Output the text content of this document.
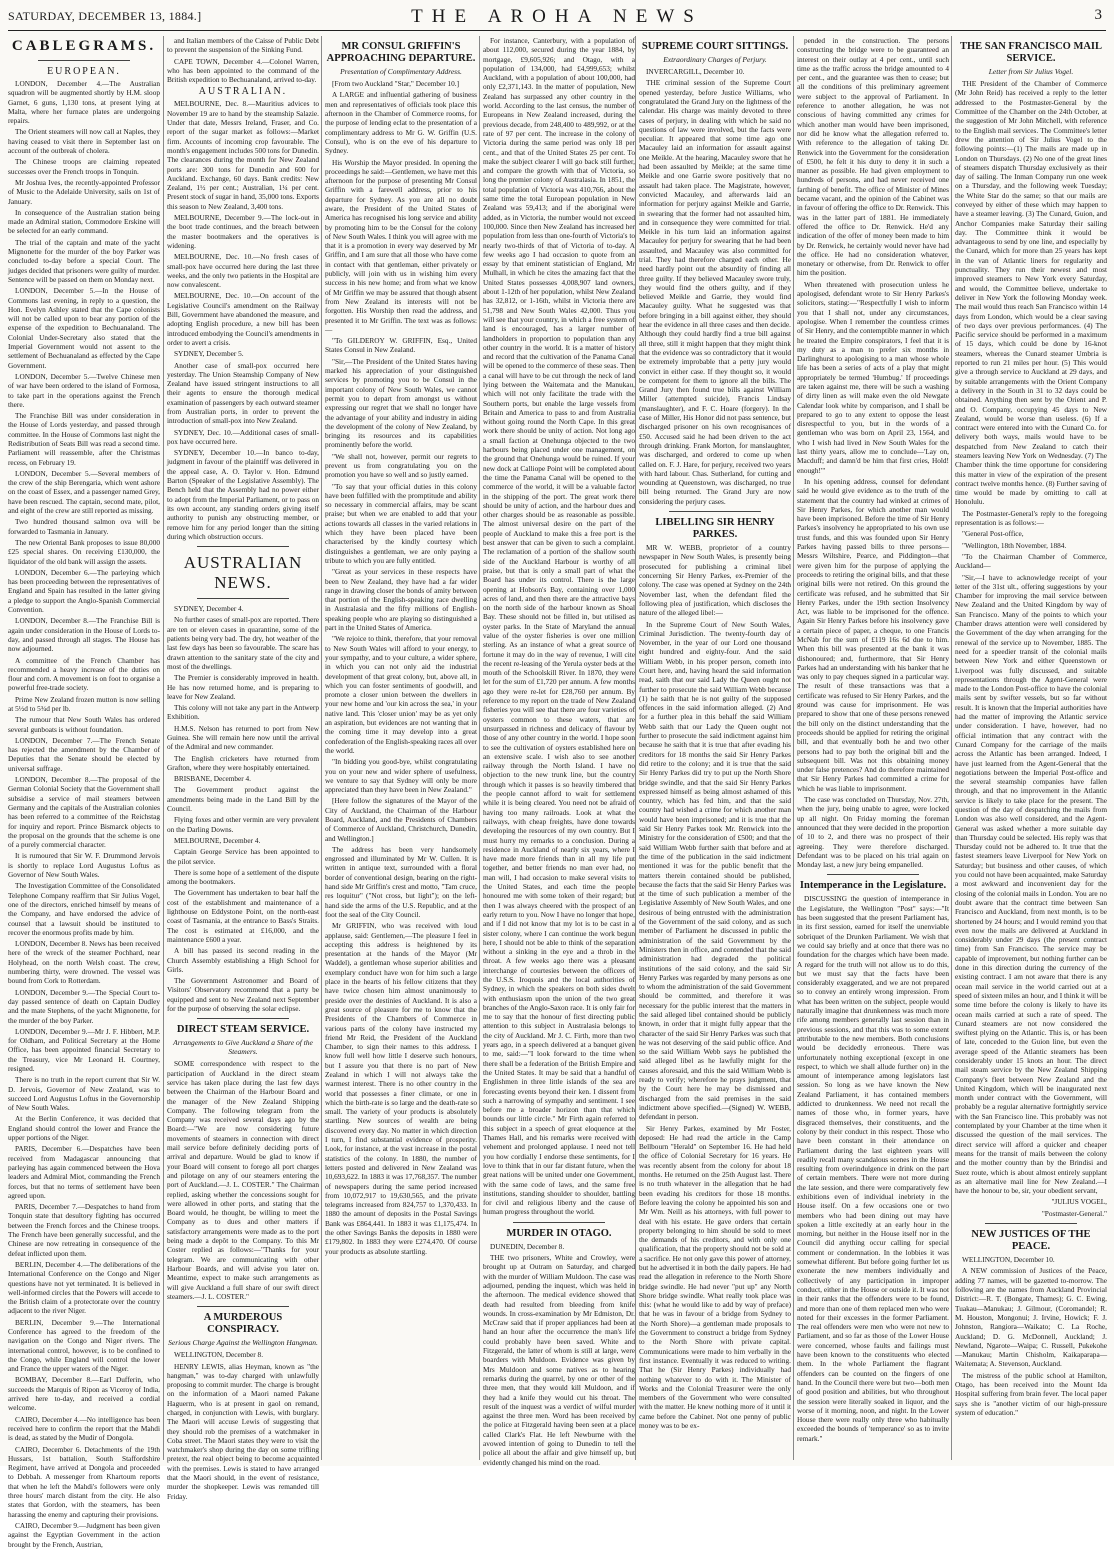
SATURDAY, DECEMBER 13, 1884.]	THE AROHA NEWS	3
CABLEGRAMS.
EUROPEAN.

LONDON, December 4.—The Australian squadron will be augmented shortly by H.M. sloop Garnet, 6 guns, 1,130 tons, at present lying at Malta, where her furnace plates are undergoing repairs.

The Orient steamers will now call at Naples, they having ceased to visit there in September last on account of the outbreak of cholera.

The Chinese troops are claiming repeated successes over the French troops in Tonquin.

Mr Joshua Ives, the recently-appointed Professor of Music to the Adelaide University, sails on 1st of January.

In consequence of the Australian station being made an Admiral station, Commodore Erskine will be selected for an early command.

The trial of the captain and mate of the yacht Mignonette for the murder of the boy Parker was concluded to-day before a special Court. The judges decided that prisoners were guilty of murder. Sentence will be passed on them on Monday next.

LONDON, December 5.—In the House of Commons last evening, in reply to a question, the Hon. Evelyn Ashley stated that the Cape colonists will not be called upon to bear any portion of the expense of the expedition to Bechuanaland. The Colonial Under-Secretary also stated that the Imperial Government would not assent to the settlement of Bechuanaland as effected by the Cape Government.

LONDON, December 5.—Twelve Chinese men of war have been ordered to the island of Formosa, to take part in the operations against the French there.

The Franchise Bill was under consideration in the House of Lords yesterday, and passed through committee. In the House of Commons last night the Redistribution of Seats Bill was read a second time. Parliament will reassemble, after the Christmas recess, on February 19.

LONDON, December 5.—Several members of the crew of the ship Berengaria, which went ashore on the coast of Essex, and a passenger named Grey, have been rescued. The captain, second mate, pilot, and eight of the crew are still reported as missing.

Two hundred thousand salmon ova will be forwarded to Tasmania in January.

The new Oriental Bank proposes to issue 80,000 £25 special shares. On receiving £130,000, the liquidator of the old bank will assign the assets.

LONDON, December 6.—The parleying which has been proceeding between the representatives of England and Spain has resulted in the latter giving a pledge to support the Anglo-Spanish Commercial Convention.

LONDON, December 8.—The Franchise Bill is again under consideration in the House of Lords to-day, and passed through all stages. The House has now adjourned.

A committee of the French Chamber has recommended a heavy increase of the duties on flour and corn. A movement is on foot to organise a powerful free-trade society.

Prime New Zealand frozen mutton is now selling at 5½d to 5¾d per lb.

The rumour that New South Wales has ordered several gunboats is without foundation.

LONDON, December 7.—The French Senate has rejected the amendment by the Chamber of Deputies that the Senate should be elected by universal suffrage.

LONDON, December 8.—The proposal of the German Colonial Society that the Government shall subsidise a service of mail steamers between Germany and the capitals of the Australian colonies has been referred to a committee of the Reichstag for inquiry and report. Prince Bismarck objects to the proposal on the grounds that the scheme is one of a purely commercial character.

It is rumoured that Sir W. F. Drummond Jervois is shortly to replace Lord Augustus Loftus as Governor of New South Wales.

The Investigation Committee of the Consolidated Telephone Company reaffirm that Sir Julius Vogel, one of the directors, enriched himself by means of the Company, and have endorsed the advice of counsel that a lawsuit should be instituted to recover the enormous profits made by him.

LONDON, December 8. News has been received here of the wreck of the steamer Pochhard, near Holyhead, on the north Welsh coast. The crew, numbering thirty, were drowned. The vessel was bound from Cork to Rotterdam.

LONDON, December 9.—The Special Court to-day passed sentence of death on Captain Dudley and the mate Stephens, of the yacht Mignonette, for the murder of the boy Parker.

LONDON, December 9.—Mr J. F. Hibbert, M.P. for Oldham, and Political Secretary at the Home Office, has been appointed financial Secretary to the Treasury, vice Mr Leonard H. Courtney, resigned.

There is no truth in the report current that Sir W. D. Jervois, Governor of New Zealand, was to succeed Lord Augustus Loftus in the Governorship of New South Wales.

At the Berlin Conference, it was decided that England should control the lower and France the upper portions of the Niger.

PARIS, December 6.—Despatches have been received from Madagascar announcing that parleying has again commenced between the Hova leaders and Admiral Miot, commanding the French forces, but that no terms of settlement have been agreed upon.

PARIS, December 7.—Despatches to hand from Tonquin state that desultory fighting has occurred between the French forces and the Chinese troops. The French have been generally successful, and the Chinese are now retreating in consequence of the defeat inflicted upon them.

BERLIN, December 4.—The deliberations of the International Conference on the Congo and Niger questions have not yet terminated. It is believed in well-informed circles that the Powers will accede to the British claim of a protectorate over the country adjacent to the river Niger.

BERLIN, December 9.—The International Conference has agreed to the freedom of the navigation on the Congo and Niger rivers. The international control, however, is to be confined to the Congo, while England will control the lower and France the upper waters of the Niger.

BOMBAY, December 8.—Earl Dufferin, who succeeds the Marquis of Ripon as Viceroy of India, arrived here to-day, and received a cordial welcome.

CAIRO, December 4.—No intelligence has been received here to confirm the report that the Mahdi is dead, as stated by the Mudir of Dongola.

CAIRO, December 6. Detachments of the 19th Hussars, 1st battalion, South Staffordshire Regiment, have arrived at Dongola and proceeded to Debbah. A messenger from Khartoum reports that when he left the Mahdi's followers were only three hours' march distant from the city. He also states that Gordon, with the steamers, has been harassing the enemy and capturing their provisions.

CAIRO, December 9.—Judgment has been given against the Egyptian Government in the action brought by the French, Austrian,

and Italian members of the Caisse of Public Debt to prevent the suspension of the Sinking Fund.

CAPE TOWN, December 4.—Colonel Warren, who has been appointed to the command of the British expedition to Bechuanaland, arrived to-day.

AUSTRALIAN.

MELBOURNE, Dec. 8.—Mauritius advices to November 19 are to hand by the steamship Salazie. Under that date, Messrs Ireland, Fraser, and Co. report of the sugar market as follows:—Market firm. Accounts of incoming crop favourable. The month's engagement includes 500 tons for Dunedin. The clearances during the month for New Zealand ports are: 300 tons for Dunedin and 600 for Auckland. Exchange, 60 days. Bank credits: New Zealand, 1½ per cent.; Australian, 1¼ per cent. Present stock of sugar in hand, 35,000 tons. Exports this season to New Zealand, 3,400 tons.

MELBOURNE, December 9.—The lock-out in the boot trade continues, and the breach between the master bootmakers and the operatives is widening.

MELBOURNE, Dec. 10.—No fresh cases of small-pox have occurred here during the last three weeks, and the only two patients in the Hospital are now convalescent.

MELBOURNE, Dec. 10.—On account of the Legislative Council's amendment on the Railway Bill, Government have abandoned the measure, and adopting English procedure, a new bill has been introduced embodying the Council's amendments in order to avert a crisis.

SYDNEY, December 5.

Another case of small-pox occurred here yesterday. The Union Steamship Company of New Zealand have issued stringent instructions to all their agents to ensure the thorough medical examination of passengers by each outward steamer from Australian ports, in order to prevent the introduction of small-pox into New Zealand.

SYDNEY, Dec. 10.—Additional cases of small-pox have occurred here.

SYDNEY, December 10.—In banco to-day, judgment in favour of the plaintiff was delivered in the appeal case, A. O. Taylor v. Hon. Edmund Barton (Speaker of the Legislative Assembly). The Bench held that the Assembly had no power either to adopt from the Imperial Parliament, or to pass on its own account, any standing orders giving itself authority to punish any obstructing member, or remove him for any period longer than the sitting during which obstruction occurs.

AUSTRALIAN NEWS.

SYDNEY, December 4.

No further cases of small-pox are reported. There are ten or eleven cases in quarantine, some of the patients being very bad. The dry, hot weather of the last few days has been so favourable. The scare has drawn attention to the sanitary state of the city and most of the dwellings.

The Premier is considerably improved in health. He has now returned home, and is preparing to leave for New Zealand.

This colony will not take any part in the Antwerp Exhibition.

H.M.S. Nelson has returned to port from New Guinea. She will remain here now until the arrival of the Admiral and new commander.

The English cricketers have returned from Grafton, where they were hospitably entertained.

BRISBANE, December 4.

The Government product against the amendments being made in the Land Bill by the Council.

Flying foxes and other vermin are very prevalent on the Darling Downs.

MELBOURNE, December 4.

Captain George Service has been appointed to the pilot service.

There is some hope of a settlement of the dispute among the bootmakers.

The Government has undertaken to bear half the cost of the establishment and maintenance of a lighthouse on Eddystone Point, on the north-east coast of Tasmania, at the entrance to Bass's Straits. The cost is estimated at £16,000, and the maintenance £600 a year.

A bill has passed its second reading in the Church Assembly establishing a High School for Girls.

The Government Astronomer and Board of Visitors' Observatory recommend that a party be equipped and sent to New Zealand next September for the purpose of observing the solar eclipse.

DIRECT STEAM SERVICE.
Arrangements to Give Auckland a Share of the Steamers.

SOME correspondence with respect to the participation of Auckland in the direct steam service has taken place during the last few days between the Chairman of the Harbour Board and the manager of the New Zealand Shipping Company. The following telegram from the Company was received several days ago by the Board:—"We are now considering future movements of steamers in connection with direct mail service before definitely deciding ports of arrival and departure. Would be glad to know if your Board will consent to forego all port charges and pilotage on any of our steamers entering the port of Auckland.—J. L. COSTER." The Chairman replied, asking whether the concessions sought for were allowed in other ports, and stating that the Board would, he thought, be willing to meet the Company as to dues and other matters if satisfactory arrangements were made as to the port being made a depôt to the Company. To this Mr Coster replied as follows:—"Thanks for your telegram. We are communicating with other Harbour Boards, and will advise you later on. Meantime, expect to make such arrangements as will give Auckland a full share of our swift direct steamers.—J. L. COSTER."

A MURDEROUS CONSPIRACY.
Serious Charge Against the Wellington Hangman.

WELLINGTON, December 8.

HENRY LEWIS, alias Heyman, known as "the hangman," was to-day charged with unlawfully proposing to commit murder. The charge is brought on the information of a Maori named Pakane Haguerm, who is at present in gaol on remand, charged, in conjunction with Lewis, with burglary. The Maori will accuse Lewis of suggesting that they should rob the premises of a watchmaker in Coba street. The Maori states they were to visit the watchmaker's shop during the day on some trifling pretext, the real object being to become acquainted with the premises. Lewis is stated to have arranged that the Maori should, in the event of resistance, murder the shopkeeper. Lewis was remanded till Friday.

MR CONSUL GRIFFIN'S APPROACHING DEPARTURE.
Presentation of Complimentary Address.

[From two Auckland "Star," December 10.]

A LARGE and influential gathering of business men and representatives of officials took place this afternoon in the Chamber of Commerce rooms, for the purpose of lending eclat to the presentation of a complimentary address to Mr G. W. Griffin (U.S. Consul), who is on the eve of his departure to Sydney.

His Worship the Mayor presided. In opening the proceedings he said:—Gentlemen, we have met this afternoon for the purpose of presenting Mr Consul Griffin with a farewell address, prior to his departure for Sydney. As you are all no doubt aware, the President of the United States of America has recognised his long service and ability by promoting him to be the Consul for the colony of New South Wales. I think you will agree with me that it is a promotion in every way deserved by Mr Griffin, and I am sure that all those who have come in contact with that gentleman, either privately or publicly, will join with us in wishing him every success in his new home; and from what we know of Mr Griffin we may be assured that though absent from New Zealand its interests will not be forgotten. His Worship then read the address, and presented it to Mr Griffin. The text was as follows:—

"To GILDEROY W. GRIFFIN, Esq., United States Consul in New Zealand.

"Sir,—The President of the United States having marked his appreciation of your distinguished services by promoting you to be Consul in the important colony of New South Wales, we cannot permit you to depart from amongst us without expressing our regret that we shall no longer have the advantage of your ability and industry in aiding the development of the colony of New Zealand, by bringing its resources and its capabilities prominently before the world.

"We shall not, however, permit our regrets to prevent us from congratulating you on the promotion you have so well and so justly earned.

"To say that your official duties in this colony have been fulfilled with the promptitude and ability so necessary in commercial affairs, may be scant praise; but when we are enabled to add that your actions towards all classes in the varied relations in which they have been placed have been characterised by the kindly courtesy which distinguishes a gentleman, we are only paying a tribute to which you are fully entitled.

"Great as your services in these respects have been to New Zealand, they have had a far wider range in drawing closer the bonds of amity between that portion of the English-speaking race dwelling in Australasia and the fifty millions of English-speaking people who are playing so distinguished a part in the United States of America.

"We rejoice to think, therefore, that your removal to New South Wales will afford to your energy, to your sympathy, and to your culture, a wider sphere, in which you can not only aid the industrial development of that great colony, but, above all, in which you can foster sentiments of goodwill, and promote a closer union between the dwellers in your new home and 'our kin across the sea,' in your native land. This 'closer union' may be as yet only an aspiration, but evidences are not wanting that in the coming time it may develop into a great confederation of the English-speaking races all over the world.

"In bidding you good-bye, whilst congratulating you on your new and wider sphere of usefulness, we venture to say that Sydney will only be more appreciated than they have been in New Zealand."

[Here follow the signatures of the Mayor of the City of Auckland, the Chairman of the Harbour Board, Auckland, and the Presidents of Chambers of Commerce of Auckland, Christchurch, Dunedin, and Wellington.]

The address has been very handsomely engrossed and illuminated by Mr W. Cullen. It is written in antique text, surrounded with a floral border of conventional design, bearing on the right-hand side Mr Griffin's crest and motto, "Tam cruce, res loquitur" ("Not cross, but light"); on the left-hand side the arms of the U.S. Republic, and at the foot the seal of the City Council.

Mr GRIFFIN, who was received with loud applause, said: Gentlemen,—The pleasure I feel in accepting this address is heightened by its presentation at the hands of the Mayor (Mr Waddel), a gentleman whose superior abilities and exemplary conduct have won for him such a large place in the hearts of his fellow citizens that they have twice chosen him almost unanimously to preside over the destinies of Auckland. It is also a great source of pleasure for me to know that the Presidents of the Chambers of Commerce in various parts of the colony have instructed my friend Mr Reid, the President of the Auckland Chamber, to sign their names to this address. I know full well how little I deserve such honours, but I assure you that there is no part of New Zealand in which I will not always take the warmest interest. There is no other country in the world that possesses a finer climate, or one in which the birth-rate is so large and the death-rate so small. The variety of your products is absolutely startling. New sources of wealth are being discovered every day. No matter in which direction I turn, I find substantial evidence of prosperity. Look, for instance, at the vast increase in the postal statistics of the colony. In 1880, the number of letters posted and delivered in New Zealand was 10,693,622. In 1883 it was 17,768,357. The number of newspapers during the same period increased from 10,072,917 to 19,630,565, and the private telegrams increased from 824,757 to 1,370,433. In 1880 the amount of deposits in the Postal Savings Bank was £864,441. In 1883 it was £1,175,474. In the other Savings Banks the deposits in 1880 were £179,802. In 1883 they were £274,470. Of course your products as absolute startling.

For instance, Canterbury, with a population of about 112,000, secured during the year 1884, by mortgage, £9,605,926; and Otago, with a population of 134,000, had £4,999,653; whilst Auckland, with a population of about 100,000, had only £2,371,143. In the matter of population, New Zealand has surpassed any other country in the world. According to the last census, the number of Europeans in New Zealand increased, during the previous decade, from 248,400 to 489,992, or at the rate of 97 per cent. The increase in the colony of Victoria during the same period was only 18 per cent., and that of the United States 25 per cent. To make the subject clearer I will go back still further, and compare the growth with that of Victoria, so long the premier colony of Australasia. In 1851, the total population of Victoria was 410,766, about the same time the total European population in New Zealand was 59,413; and if the aboriginal were added, as in Victoria, the number would not exceed 100,000. Since then New Zealand has increased her population from less than one-fourth of Victoria's to nearly two-thirds of that of Victoria of to-day. A few weeks ago I had occasion to quote from an essay by that eminent statistician of England, Mr Mulhall, in which he cites the amazing fact that the United States possesses 4,008,907 land owners, about 1-12th of her population, whilst New Zealand has 32,812, or 1-16th, whilst in Victoria there are 51,798 and New South Wales 42,000. Thus you will see that your country, in which a free system of land is encouraged, has a larger number of landholders in proportion to population than any other country in the world. It is a matter of history and record that the cultivation of the Panama Canal will be opened to the commerce of these seas. Then a canal will have to be cut through the neck of land lying between the Waitemata and the Manukau, which will not only facilitate the trade with the Southern ports, but enable the large vessels from Britain and America to pass to and from Australia without going round the North Cape. In this great work there should be unity of action. Not long ago a small faction at Onehunga objected to the two harbours being placed under one management, on the ground that Onehunga would be ruined. If your new dock at Calliope Point will be completed about the time the Panama Canal will be opened to the commerce of the world, it will be a valuable factor in the shipping of the port. The great work there should be unity of action, and the harbour dues and other charges should be as reasonable as possible. The almost universal desire on the part of the people of Auckland to make this a free port is the best answer that can be given to such a complaint. The reclamation of a portion of the shallow south side of the Auckland Harbour is worthy of all praise, but that is only a small part of what the Board has under its control. There is the large opening at Hobson's Bay, containing over 1,000 acres of land, and then there are the attractive bays on the north side of the harbour known as Shoal Bay. These should not be filled in, but utilised as oyster parks. In the State of Maryland the annual value of the oyster fisheries is over one million sterling. As an instance of what a great source of fortune it may do in the way of revenue, I will cite the recent re-leasing of the Yerula oyster beds at the mouth of the Schoolskill River. In 1870, they were let for the sum of £1,720 per annum. A few months ago they were re-let for £28,760 per annum. By reference to my report on the trade of New Zealand fisheries you will see that there are four varieties of oysters common to these waters, that are unsurpassed in richness and delicacy of flavour by those of any other country in the world. I hope soon to see the cultivation of oysters established here on an extensive scale. I wish also to see another railway through the North Island. I have no objection to the new trunk line, but the country through which it passes is so heavily timbered that the people cannot afford to wait for settlement while it is being cleared. You need not be afraid of having too many railroads. Look at what the railways, with cheap freights, have done towards developing the resources of my own country. But I must hurry my remarks to a conclusion. During a residence in Auckland of nearly six years, where I have made more friends than in all my life put together, and better friends no man ever had, no man will, I had occasion to make several visits to the United States, and each time the people honoured me with some token of their regard; but then I was always cheered with the prospect of an early return to you. Now I have no longer that hope, and if I did not know that my lot is to be cast in a sister colony, where I can continue the work begun here, I should not be able to think of the separation without a sinking in the eye and a throb in the throat. A few weeks ago there was a pleasant interchange of courtesies between the officers of the U.S.S. Iroquois and the local authorities of Sydney, in which the speakers on both sides dwelt with enthusiasm upon the union of the two great branches of the Anglo-Saxon race. It is only fair for me to say that the honour of first directing public attention to this subject in Australasia belongs to the city of Auckland. Mr J. C. Firth, more than two years ago, in a speech delivered at a banquet given to me, said:—"I look forward to the time when there shall be a federation of the British Empire and the United States. It may be said that a handful of Englishmen in three little islands of the sea are forecasting events beyond their ken. I dissent from such a narrowing of sympathy and sentiment. I see before me a broader horizon than that which bounds our little circle." Mr Firth again referred to this subject in a speech of great eloquence at the Thames Hall, and his remarks were received with vehement and prolonged applause. I need not tell you how cordially I endorse these sentiments, for I love to think that in our far distant future, when the great nations will be united under one Government, with the same code of laws, and the same free institutions, standing shoulder to shoulder, battling for civil and religious liberty and the cause of human progress throughout the world.

MURDER IN OTAGO.

DUNEDIN, December 8.

THE two prisoners, White and Crowley, were brought up at Outram on Saturday, and charged with the murder of William Muldoon. The case was adjourned, pending the inquest, which was held in the afternoon. The medical evidence showed that death had resulted from bleeding from knife wounds. In cross-examination by Mr Edmiston, Dr. McCraw said that if proper appliances had been at hand an hour after the occurrence the man's life could probably have been saved. White and Fitzgerald, the latter of whom is still at large, were boarders with Muldoon. Evidence was given by Mrs Muldoon and some natives as to hearing remarks during the quarrel, by one or other of the three men, that they would kill Muldoon, and if they had a knife they would cut his throat. The result of the inquest was a verdict of wilful murder against the three men. Word has been received by the police at Fitzgerald having been seen at a place called Clark's Flat. He left Newburne with the avowed intention of going to Dunedin to tell the police all about the affair and give himself up, but evidently changed his mind on the road.

SUPREME COURT SITTINGS.
Extraordinary Charges of Perjury.

INVERCARGILL, December 10.

THE criminal session of the Supreme Court opened yesterday, before Justice Williams, who congratulated the Grand Jury on the lightness of the calendar. His charge was mainly devoted to three cases of perjury, in dealing with which he said no questions of law were involved, but the facts were peculiar. It appeared that some time ago one Macauley laid an information for assault against one Meikle. At the hearing, Macauley swore that he had been assaulted by Meikle; at the same time Meikle and one Garrie swore positively that no assault had taken place. The Magistrate, however, convicted Macauley, and afterwards laid an information for perjury against Meikle and Garrie, in swearing that the former had not assaulted him, and in consequence they were committed for trial. Meikle in his turn laid an information against Macauley for perjury for swearing that he had been assaulted, and Macauley was also committed for trial. They had therefore charged each other. He need hardly point out the absurdity of finding all three guilty. If they believed Macauley swore truly, they would find the others guilty, and if they believed Meikle and Garrie, they would find Macauley guilty. What he suggested was that before bringing in a bill against either, they should hear the evidence in all three cases and then decide. Although they could hardly find a true bill against all three, still it might happen that they might think that the evidence was so contradictory that it would be extremely improbable that a petty jury would convict in either case. If they thought so, it would be competent for them to ignore all the bills. The Grand Jury then found true bills against William Miller (attempted suicide), Francis Lindsay (manslaughter), and F. C. Hoare (forgery). In the case of Miller, His Honor did not pass sentence, but discharged prisoner on his own recognisances of £50. Accused said he had been driven to the act through drinking. Frank Morton, for manslaughter, was discharged, and ordered to come up when called on. F. J. Hare, for perjury, received two years with hard labour. Chas. Sutherland, for cutting and wounding at Queenstown, was discharged, no true bill being returned. The Grand Jury are now considering the perjury cases.

LIBELLING SIR HENRY PARKES.

MR W. WEBB, proprietor of a country newspaper in New South Wales, is presently being prosecuted for publishing a criminal libel concerning Sir Henry Parkes, ex-Premier of the colony. The case was opened at Sydney on the 24th November last, when the defendant filed the following plea of justification, which discloses the nature of the alleged libel:—

In the Supreme Court of New South Wales, Criminal Jurisdiction. The twenty-fourth day of November, in the year of our Lord one thousand eight hundred and eighty-four. And the said William Webb, in his proper person, cometh into Court here, and, having heard the said information read, saith that our said Lady the Queen ought not further to prosecute the said William Webb because (1) he saith that he is not guilty of the supposed offences in the said information alleged. (2) And for a further plea in this behalf the said William Webb saith that our Lady the Queen ought not further to prosecute the said indictment against him because he saith that it is true that after evading his creditors for 18 months the said Sir Henry Parkes did retire to the colony; and it is true that the said Sir Henry Parkes did try to put up the North Shore bridge swindle, and that the said Sir Henry Parkes expressed himself as being almost ashamed of this country, which has fed him, and that the said country had wished a crime for which another man would have been imprisoned; and it is true that the said Sir Henry Parkes took Mr. Renwick into the Ministry for the consideration of £500; and that the said William Webb further saith that before and at the time of the publication in the said indictment mentioned it was for the public benefit that the matters therein contained should be published, because the facts that the said Sir Henry Parkes was at the time of such publication a member of the Legislative Assembly of New South Wales, and one desirous of being entrusted with the administration of the Government of the said colony, and as such member of Parliament he discussed in public the administration of the said Government by the Ministers then in office, and contended that the said administration had degraded the political institutions of the said colony, and the said Sir Henry Parkes was regarded by many persons as one to whom the administration of the said Government should be committed, and therefore it was necessary for the public interest that the matters in the said alleged libel contained should be publicly known, in order that it might fully appear that the character of the said Sir Henry Parkes was such that he was not deserving of the said public office. And so the said William Webb says he published the said alleged libel as he lawfully might for the causes aforesaid, and this the said William Webb is ready to verify; wherefore he prays judgment, that by the Court here he may be dismissed and discharged from the said premises in the said indictment above specified.—(Signed) W. WEBB, defendant in person.

Sir Henry Parkes, examined by Mr Foster, deposed: He had read the article in the Camp Bellbourn "Herald" on September 16. He had held the office of Colonial Secretary for 16 years. He was recently absent from the colony for about 18 months. He returned on the 25th August last. There is no truth whatever in the allegation that he had been evading his creditors for those 18 months. Before leaving the colony he appointed his son and Mr Wm. Neill as his attorneys, with full power to deal with his estate. He gave orders that certain property belonging to him should be sold to meet the demands of his creditors, and with only one qualification, that the property should not be sold at a sacrifice. He not only gave this power of attorney, but he advertised it in both the daily papers. He had read the allegation in reference to the North Shore bridge swindle. He had never "put up" any North Shore bridge swindle. What really took place was this: (what he would like to add by way of preface) that he was in favour of a bridge from Sydney to the North Shore)—a gentleman made proposals to the Government to construct a bridge from Sydney to the North Shore with private capital. Communications were made to him verbally in the first instance. Eventually it was reduced to writing. That he (Sir Henry Parkes) individually had nothing whatever to do with it. The Minister of Works and the Colonial Treasurer were the only members of the Government who were consulted with the matter. He knew nothing more of it until it came before the Cabinet. Not one penny of public money was to be ex-

pended in the construction. The persons constructing the bridge were to be guaranteed an interest on their outlay at 4 per cent., until such time as the traffic across the bridge amounted to 4 per cent., and the guarantee was then to cease; but all the conditions of this preliminary agreement were subject to the approval of Parliament. In reference to another allegation, he was not conscious of having committed any crimes for which another man would have been imprisoned, nor did he know what the allegation referred to. With reference to the allegation of taking Dr. Renwick into the Government for the consideration of £500, he felt it his duty to deny it in such a manner as possible. He had given employment to hundreds of persons, and had never received one farthing of benefit. The office of Minister of Mines became vacant, and the opinion of the Cabinet was in favour of offering the office to Dr. Renwick. This was in the latter part of 1881. He immediately offered the office to Dr. Renwick. He'd any indication of the offer of money been made to him by Dr. Renwick, he certainly would never have had the office. He had no consideration whatever, monetary or otherwise, from Dr. Renwick to offer him the position.

When threatened with prosecution unless he apologised, defendant wrote to Sir Henry Parkes's solicitors, stating:—"Respectfully I wish to inform you that I shall not, under any circumstances, apologise. When I remember the countless crimes of Sir Henry, and the contemptible manner in which he treated the Empire conspirators, I feel that it is my duty as a man to prefer six months in Darlinghurst to apologising to a man whose whole life has been a series of acts of a play that might appropriately be termed 'Humbug.' If proceedings are taken against me, there will be such a washing of dirty linen as will make even the old Newgate Calendar look white by comparison, and I shall be prepared to go to any extent to oppose the least disrespectful to you, but in the words of a gentleman who was born on April 23, 1564, and who I wish had lived in New South Wales for the last thirty years, allow me to conclude—'Lay on, Macduff; and damn'd be him that first cries, Hold! enough!'"

In his opening address, counsel for defendant said he would give evidence as to the truth of the statement that the country had winked at crimes of Sir Henry Parkes, for which another man would have been imprisoned. Before the time of Sir Henry Parkes's insolvency he appropriated to his own use trust funds, and this was founded upon Sir Henry Parkes having passed bills to three persons—Messrs Wiltshire, Pearce, and Piddington—that were given him for the purpose of applying the proceeds to retiring the original bills, and that these original bills were not retired. On this ground the certificate was refused, and he submitted that Sir Henry Parkes, under the 19th section Insolvency Act, was liable to be imprisoned for the offence. Again Sir Henry Parkes before his insolvency gave a certain piece of paper, a cheque, to one Francis McNab for the sum of £119 16s 6d due to him. When this bill was presented at the bank it was dishonoured; and, furthermore, that Sir Henry Parkes had an understanding with his banker that he was only to pay cheques signed in a particular way. The result of these transactions was that a certificate was refused to Sir Henry Parkes, and the ground was cause for imprisonment. He was prepared to show that one of these persons renewed the bill only on the distinct understanding that the proceeds should be applied for retiring the original bill, and that eventually both he and two other persons had to pay both the original bill and the subsequent bill. Was not this obtaining money under false pretences? And do therefore maintained that Sir Henry Parkes had committed a crime for which he was liable to imprisonment.

The case was concluded on Thursday, Nov. 27th, when the jury, being unable to agree, were locked up all night. On Friday morning the foreman announced that they were decided in the proportion of 10 to 2, and there was no prospect of their agreeing. They were therefore discharged. Defendant was to be placed on his trial again on Monday last, a new jury being empanelled.

Intemperance in the Legislature.

DISCUSSING the question of intemperance in the Legislature, the Wellington "Post" says:—"It has been suggested that the present Parliament has, in its first session, earned for itself the unenviable sobriquet of the Drunken Parliament. We wish that we could say briefly and at once that there was no foundation for the charges which have been made. A regard for the truth will not allow us to do this, but we must say that the facts have been considerably exaggerated, and we are not prepared so to convey an entirely wrong impression. From what has been written on the subject, people would naturally imagine that drunkenness was much more rife among members generally last session than in previous sessions, and that this was to some extent attributable to the new members. Both conclusions would be decidedly erroneous. There was unfortunately nothing exceptional (except in one respect, to which we shall allude further on) in the amount of intemperance among legislators last session. So long as we have known the New Zealand Parliament, it has contained members addicted to drunkenness. We need not recall the names of those who, in former years, have disgraced themselves, their constituents, and the colony by their conduct in this respect. Those who have been constant in their attendance on Parliament during the last eighteen years will readily recall many scandalous scenes in the House resulting from overindulgence in drink on the part of certain members. There were not more during the late session, and there were comparatively few exhibitions even of individual inebriety in the House itself. On a few occasions one or two members who had been dining out may have spoken a little excitedly at an early hour in the morning, but neither in the House itself nor in the Council did anything occur calling for special comment or condemnation. In the lobbies it was somewhat different. But before going further let us exonerate the new members individually and collectively of any participation in improper conduct, either in the House or outside it. It was not in their ranks that the offenders were to be found, and more than one of them replaced men who were noted for their excesses in the former Parliament. The real offenders were men who were not new to Parliament, and so far as those of the Lower House were concerned, whose faults and failings must have been known to the constituents who elected them. In the whole Parliament the flagrant offenders can be counted on the fingers of one hand. In the Council there were but two—both men of good position and abilities, but who throughout the session were literally soaked in liquor, and the worse of it morning, noon, and night. In the Lower House there were really only three who habitually exceeded the bounds of 'temperance' so as to invite remark."

THE SAN FRANCISCO MAIL SERVICE.
Letter from Sir Julius Vogel.

THE President of the Chamber of Commerce (Mr John Reid) has received a reply to the letter addressed to the Postmaster-General by the Committee of the Chamber on the 24th October, at the suggestion of Mr John Mitchell, with reference to the English mail services. The Committee's letter drew the attention of Sir Julius Vogel to the following points:—(1) The mails are made up in London on Thursdays. (2) No one of the great lines of steamers dispatch Thursday exclusively as their day of sailing. The Inman Company run one week on a Thursday, and the following week Tuesday; the White Star do the same; so that our mails are conveyed by either of these which may happen to have a steamer leaving. (3) The Cunard, Guion, and Anchor Companies make Saturday their sailing day. The Committee think it would be advantageous to send by one line, and especially by the Cunard, which for more than 25 years has kept in the van of Atlantic liners for regularity and punctuality. They run their newest and most improved steamers to New York every Saturday, and would, the Committee believe, undertake to deliver in New York the following Monday week. The mail would thus reach San Francisco within 14 days from London, which would be a clear saving of two days over previous performances. (4) The Pacific service should be performed in a maximum of 15 days, which could be done by 16-knot steamers, whereas the Cunard steamer Umbria is reported to run 21 miles per hour. (5) This would give a through service to Auckland at 29 days, and by suitable arrangements with the Orient Company a delivery in the South in 31 to 32 days could be obtained. Anything then sent by the Orient and P. and O. Company, occupying 45 days to New Zealand, would be worse than useless. (6) If a contract were entered into with the Cunard Co. for delivery both ways, mails would have to be despatched from New Zealand to catch their steamers leaving New York on Wednesday. (7) The Chamber think the time opportune for considering this matter in view of the expiration of the present contract twelve months hence. (8) Further saving of time would be made by omitting to call at Honolulu.

The Postmaster-General's reply to the foregoing representation is as follows:—

"General Post-office,

"Wellington, 18th November, 1884.

"To the Chairman Chamber of Commerce, Auckland—

"Sir,—I have to acknowledge receipt of your letter of the 31st ult., offering suggestions by your Chamber for improving the mail service between New Zealand and the United Kingdom by way of San Francisco. Many of the points to which your Chamber draws attention were well considered by the Government of the day when arranging for the renewal of the service up to November, 1885. The need for a speedier transit of the colonial mails between New York and either Queenstown or Liverpool was fully discussed, and suitable representations through the Agent-General were made to the London Post-office to have the colonial mails sent by swifter vessels, but so far without result. It is known that the Imperial authorities have had the matter of improving the Atlantic service under consideration. I have, however, had no official intimation that any contract with the Cunard Company for the carriage of the mails across the Atlantic has been arranged. Indeed, I have just learned from the Agent-General that the negotiations between the Imperial Post-office and the several steamship companies have fallen through, and that no improvement in the Atlantic service is likely to take place for the present. The question of the day of despatching the mails from London was also well considered, and the Agent-General was asked whether a more suitable day than Thursday could be selected. His reply was that Thursday could not be adhered to. It true that the fastest steamers leave Liverpool for New York on Saturday; but business and other causes, of which you could not have been acquainted, make Saturday a most awkward and inconvenient day for the closing of the colonial mails in London. You are no doubt aware that the contract time between San Francisco and Auckland, from next month, is to be shortened by 24 hours; and I would remind you that even now the mails are delivered at Auckland in considerably under 29 days (the present contract time) from San Francisco. The service may be capable of improvement, but nothing further can be done in this direction during the currency of the existing contract. I am not aware that there is any ocean mail service in the world carried out at a speed of sixteen miles an hour, and I think it will be some time before the colony is likely to have its ocean mails carried at such a rate of speed. The Cunard steamers are not now considered the swiftest plying on the Atlantic. This is, or has been of late, conceded to the Guion line, but even the average speed of the Atlantic steamers has been considerably under 15 knots an hour. The direct mail steam service by the New Zealand Shipping Company's fleet between New Zealand and the United Kingdom, which will be inaugurated next month under contract with the Government, will probably be a regular alternative fortnightly service with the San Francisco line. This probably was not contemplated by your Chamber at the time when it discussed the question of the mail services. The direct service will afford a quicker and cheaper means for the transit of mails between the colony and the mother country than by the Brindisi and Suez route, which is about almost entirely supplant as an alternative mail line for New Zealand.—I have the honour to be, sir, your obedient servant,

"JULIUS VOGEL,
"Postmaster-General."
NEW JUSTICES OF THE PEACE.

WELLINGTON, December 10.

A NEW commission of Justices of the Peace, adding 77 names, will be gazetted to-morrow. The following are the names from Auckland Provincial District:—R. T. (Bongate, Thames); G. C. Ewing, Tuakau—Manukau; J. Gilmour, (Coromandel; R. M. Houston, Mongonui; J. Irvine, Howick; F. J. Johnston, Rangiora—Waikato; C. La Roche, Auckland; D. G. McDonnell, Auckland; J. Newland, Ngarote—Waipa; C. Russell, Pukekohe—Manukau; Martin Chisholm, Kaikaparapa—Waitemata; A. Stevenson, Auckland.

The mistress of the public school at Hamilton, Otago, has been received into the Mount Ida Hospital suffering from brain fever. The local paper says she is "another victim of our high-pressure system of education."
